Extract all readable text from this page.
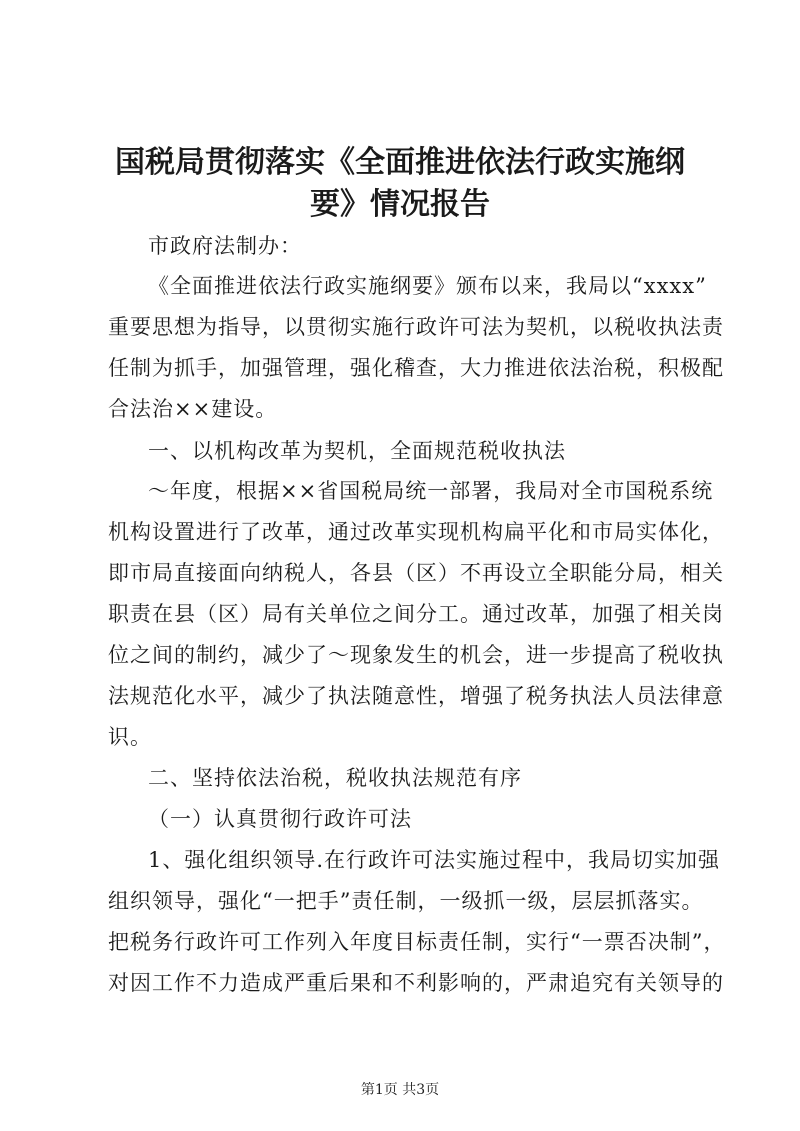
国税局贯彻落实《全面推进依法行政实施纲
要》情况报告
市政府法制办：
《全面推进依法行政实施纲要》颁布以来，我局以“xxxx”
重要思想为指导，以贯彻实施行政许可法为契机，以税收执法责
任制为抓手，加强管理，强化稽查，大力推进依法治税，积极配
合法治××建设。
一、以机构改革为契机，全面规范税收执法
～年度，根据××省国税局统一部署，我局对全市国税系统
机构设置进行了改革，通过改革实现机构扁平化和市局实体化，
即市局直接面向纳税人，各县（区）不再设立全职能分局，相关
职责在县（区）局有关单位之间分工。通过改革，加强了相关岗
位之间的制约，减少了～现象发生的机会，进一步提高了税收执
法规范化水平，减少了执法随意性，增强了税务执法人员法律意
识。
二、坚持依法治税，税收执法规范有序
（一）认真贯彻行政许可法
1、强化组织领导.在行政许可法实施过程中，我局切实加强
组织领导，强化“一把手”责任制，一级抓一级，层层抓落实。
把税务行政许可工作列入年度目标责任制，实行“一票否决制”，
对因工作不力造成严重后果和不利影响的，严肃追究有关领导的
第1页 共3页
